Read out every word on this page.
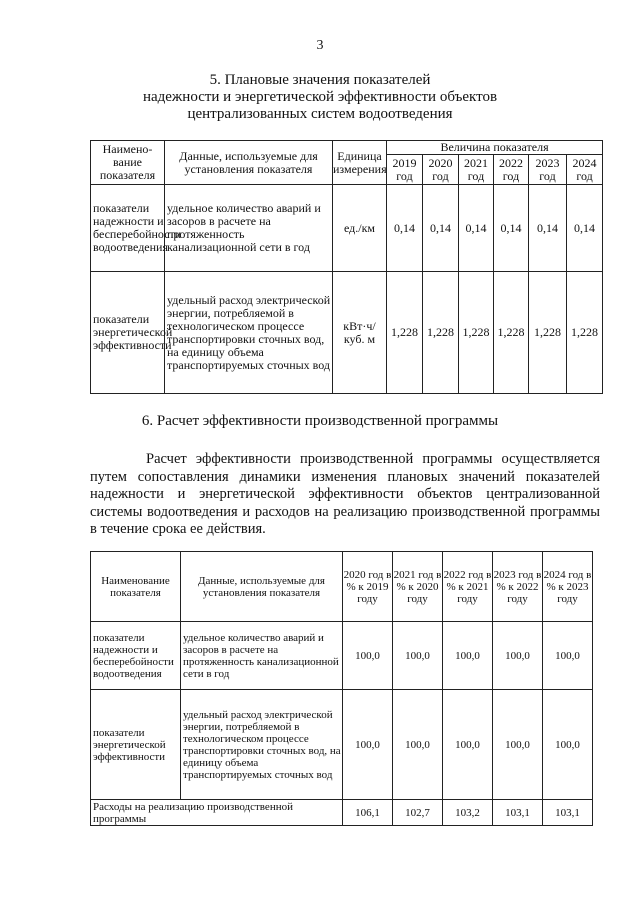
3
5. Плановые значения показателей
надежности и энергетической эффективности объектов
централизованных систем водоотведения
Наимено-вание показателя	Данные, используемые для установления показателя	Единица измерения	Величина показателя					
			2019 год	2020 год	2021 год	2022 год	2023 год	2024 год
показатели надежности и бесперебойности водоотведения	удельное количество аварий и засоров в расчете на протяженность канализационной сети в год	ед./км	0,14	0,14	0,14	0,14	0,14	0,14
показатели энергетической эффективности	удельный расход электрической энергии, потребляемой в технологическом процессе транспортировки сточных вод, на единицу объема транспортируемых сточных вод	кВт·ч/ куб. м	1,228	1,228	1,228	1,228	1,228	1,228
6. Расчет эффективности производственной программы
Расчет эффективности производственной программы осуществляется путем сопоставления динамики изменения плановых значений показателей надежности и энергетической эффективности объектов централизованной системы водоотведения и расходов на реализацию производственной программы в течение срока ее действия.
Наименование показателя	Данные, используемые для установления показателя	2020 год в % к 2019 году	2021 год в % к 2020 году	2022 год в % к 2021 году	2023 год в % к 2022 году	2024 год в % к 2023 году
показатели надежности и бесперебойности водоотведения	удельное количество аварий и засоров в расчете на протяженность канализационной сети в год	100,0	100,0	100,0	100,0	100,0
показатели энергетической эффективности	удельный расход электрической энергии, потребляемой в технологическом процессе транспортировки сточных вод, на единицу объема транспортируемых сточных вод	100,0	100,0	100,0	100,0	100,0
Расходы на реализацию производственной программы		106,1	102,7	103,2	103,1	103,1
